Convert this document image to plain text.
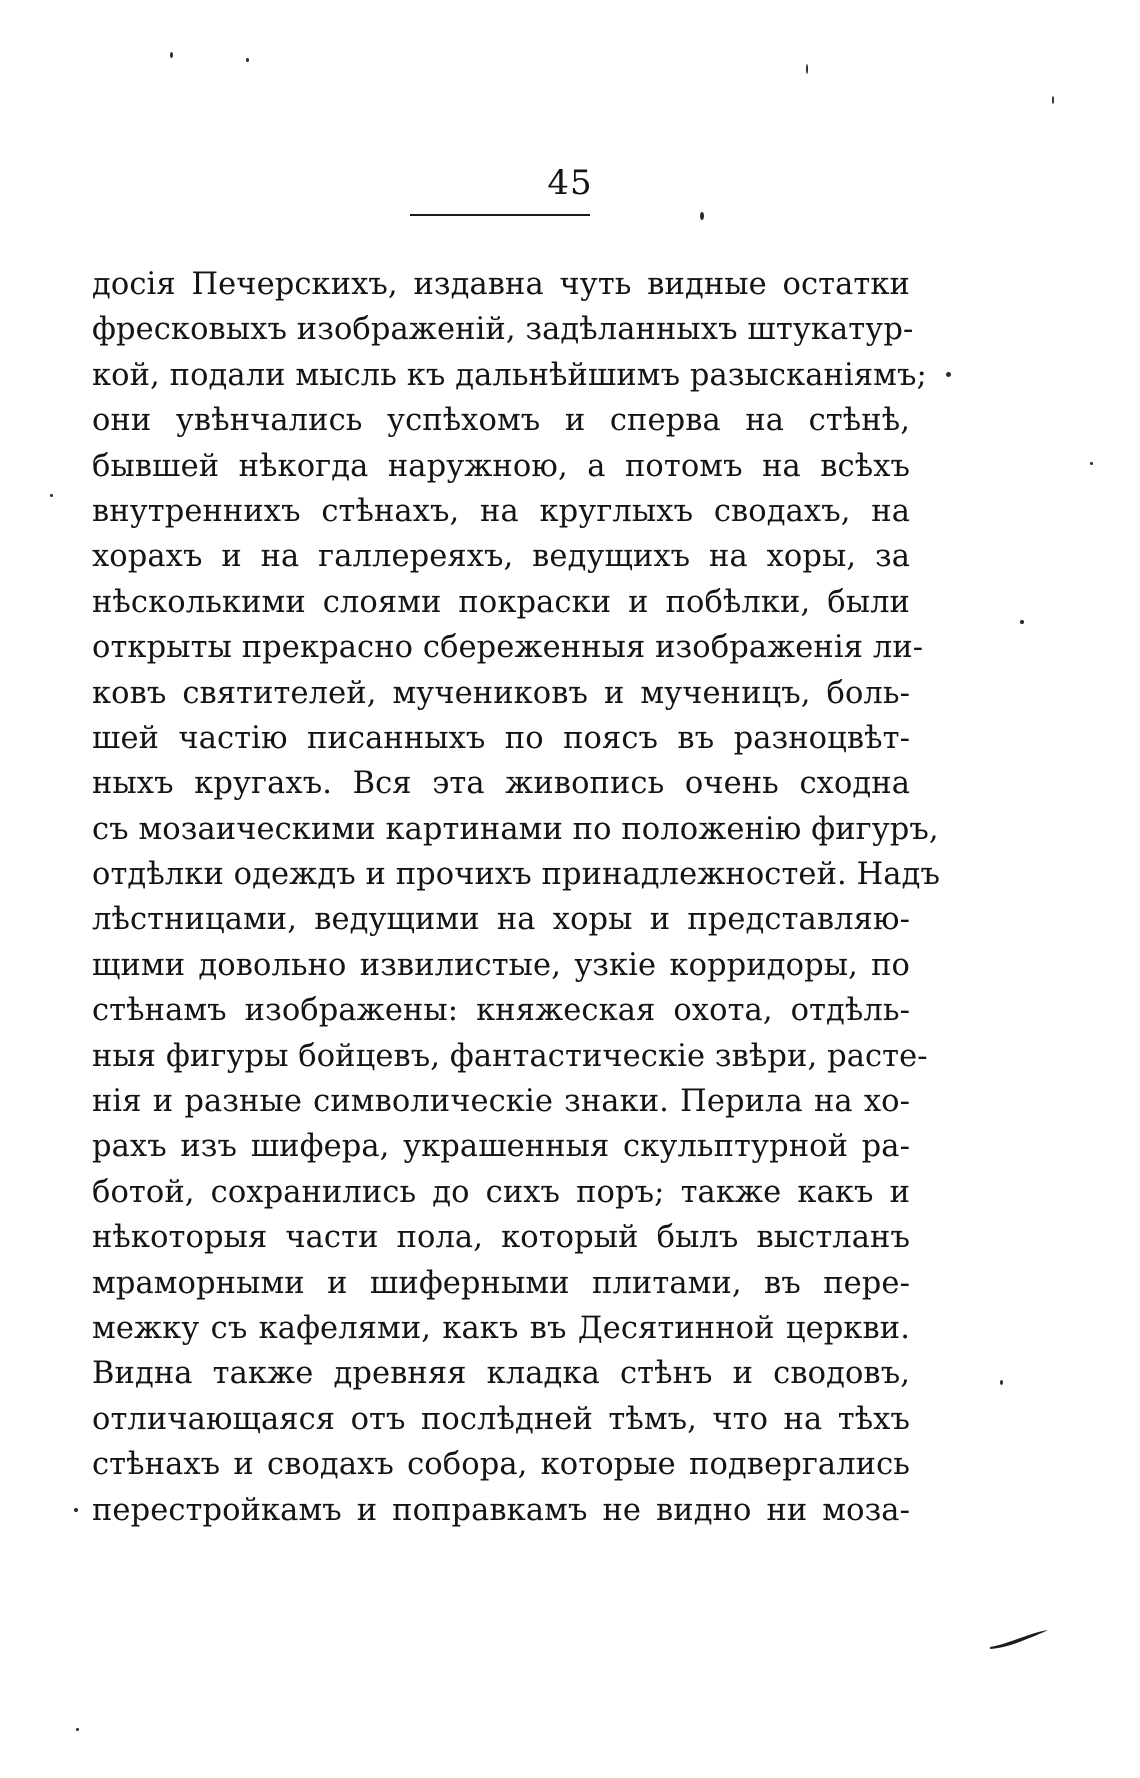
45
досiя Печерскихъ, издавна чуть видные остатки
фресковыхъ изображенiй, задѣланныхъ штукатур-
кой, подали мысль къ дальнѣйшимъ разысканiямъ;
они увѣнчались успѣхомъ и сперва на стѣнѣ,
бывшей нѣкогда наружною, а потомъ на всѣхъ
внутреннихъ стѣнахъ, на круглыхъ сводахъ, на
хорахъ и на галлереяхъ, ведущихъ на хоры, за
нѣсколькими слоями покраски и побѣлки, были
открыты прекрасно сбереженныя изображенiя ли-
ковъ святителей, мучениковъ и мученицъ, боль-
шей частiю писанныхъ по поясъ въ разноцвѣт-
ныхъ кругахъ. Вся эта живопись очень сходна
съ мозаическими картинами по положенiю фигуръ,
отдѣлки одеждъ и прочихъ принадлежностей. Надъ
лѣстницами, ведущими на хоры и представляю-
щими довольно извилистые, узкiе корридоры, по
стѣнамъ изображены: княжеская охота, отдѣль-
ныя фигуры бойцевъ, фантастическiе звѣри, расте-
нiя и разные символическiе знаки. Перила на хо-
рахъ изъ шифера, украшенныя скульптурной ра-
ботой, сохранились до сихъ поръ; также какъ и
нѣкоторыя части пола, который былъ выстланъ
мраморными и шиферными плитами, въ пере-
межку съ кафелями, какъ въ Десятинной церкви.
Видна также древняя кладка стѣнъ и сводовъ,
отличающаяся отъ послѣдней тѣмъ, что на тѣхъ
стѣнахъ и сводахъ собора, которые подвергались
перестройкамъ и поправкамъ не видно ни моза-
